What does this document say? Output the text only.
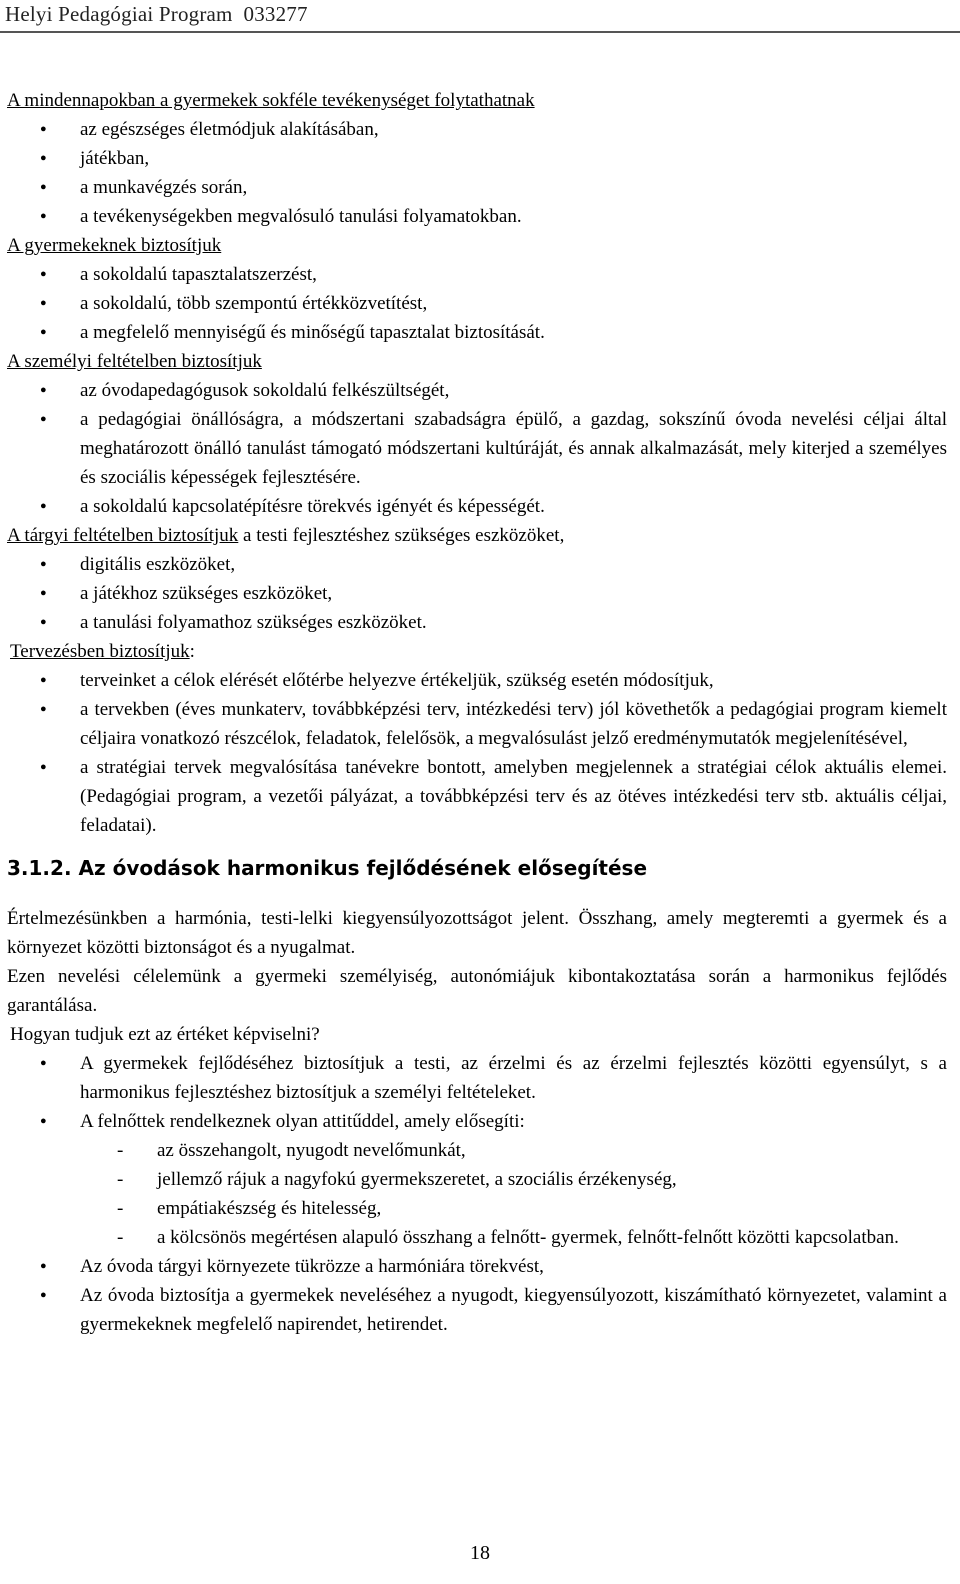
Helyi Pedagógiai Program 033277

A mindennapokban a gyermekek sokféle tevékenységet folytathatnak

● az egészséges életmódjuk alakításában,
● játékban,
● a munkavégzés során,
● a tevékenységekben megvalósuló tanulási folyamatokban.

A gyermekeknek biztosítjuk

● a sokoldalú tapasztalatszerzést,
● a sokoldalú, több szempontú értékközvetítést,
● a megfelelő mennyiségű és minőségű tapasztalat biztosítását.

A személyi feltételben biztosítjuk

● az óvodapedagógusok sokoldalú felkészültségét,
● a pedagógiai önállóságra, a módszertani szabadságra épülő, a gazdag, sokszínű óvoda nevelési céljai által meghatározott önálló tanulást támogató módszertani kultúráját, és annak alkalmazását, mely kiterjed a személyes és szociális képességek fejlesztésére.
● a sokoldalú kapcsolatépítésre törekvés igényét és képességét.

A tárgyi feltételben biztosítjuk a testi fejlesztéshez szükséges eszközöket,

● digitális eszközöket,
● a játékhoz szükséges eszközöket,
● a tanulási folyamathoz szükséges eszközöket.

Tervezésben biztosítjuk:

● terveinket a célok elérését előtérbe helyezve értékeljük, szükség esetén módosítjuk,
● a tervekben (éves munkaterv, továbbképzési terv, intézkedési terv) jól követhetők a pedagógiai program kiemelt céljaira vonatkozó részcélok, feladatok, felelősök, a megvalósulást jelző eredménymutatók megjelenítésével,
● a stratégiai tervek megvalósítása tanévekre bontott, amelyben megjelennek a stratégiai célok aktuális elemei. (Pedagógiai program, a vezetői pályázat, a továbbképzési terv és az ötéves intézkedési terv stb. aktuális céljai, feladatai).
3.1.2. Az óvodások harmonikus fejlődésének elősegítése

Értelmezésünkben a harmónia, testi-lelki kiegyensúlyozottságot jelent. Összhang, amely megteremti a gyermek és a környezet közötti biztonságot és a nyugalmat.

Ezen nevelési célelemünk a gyermeki személyiség, autonómiájuk kibontakoztatása során a harmonikus fejlődés garantálása.

Hogyan tudjuk ezt az értéket képviselni?

● A gyermekek fejlődéséhez biztosítjuk a testi, az érzelmi és az érzelmi fejlesztés közötti egyensúlyt, s a harmonikus fejlesztéshez biztosítjuk a személyi feltételeket.
● A felnőttek rendelkeznek olyan attitűddel, amely elősegíti:
- az összehangolt, nyugodt nevelőmunkát,
- jellemző rájuk a nagyfokú gyermekszeretet, a szociális érzékenység,
- empátiakészség és hitelesség,
- a kölcsönös megértésen alapuló összhang a felnőtt- gyermek, felnőtt-felnőtt közötti kapcsolatban.
● Az óvoda tárgyi környezete tükrözze a harmóniára törekvést,
● Az óvoda biztosítja a gyermekek neveléséhez a nyugodt, kiegyensúlyozott, kiszámítható környezetet, valamint a gyermekeknek megfelelő napirendet, hetirendet.
18
